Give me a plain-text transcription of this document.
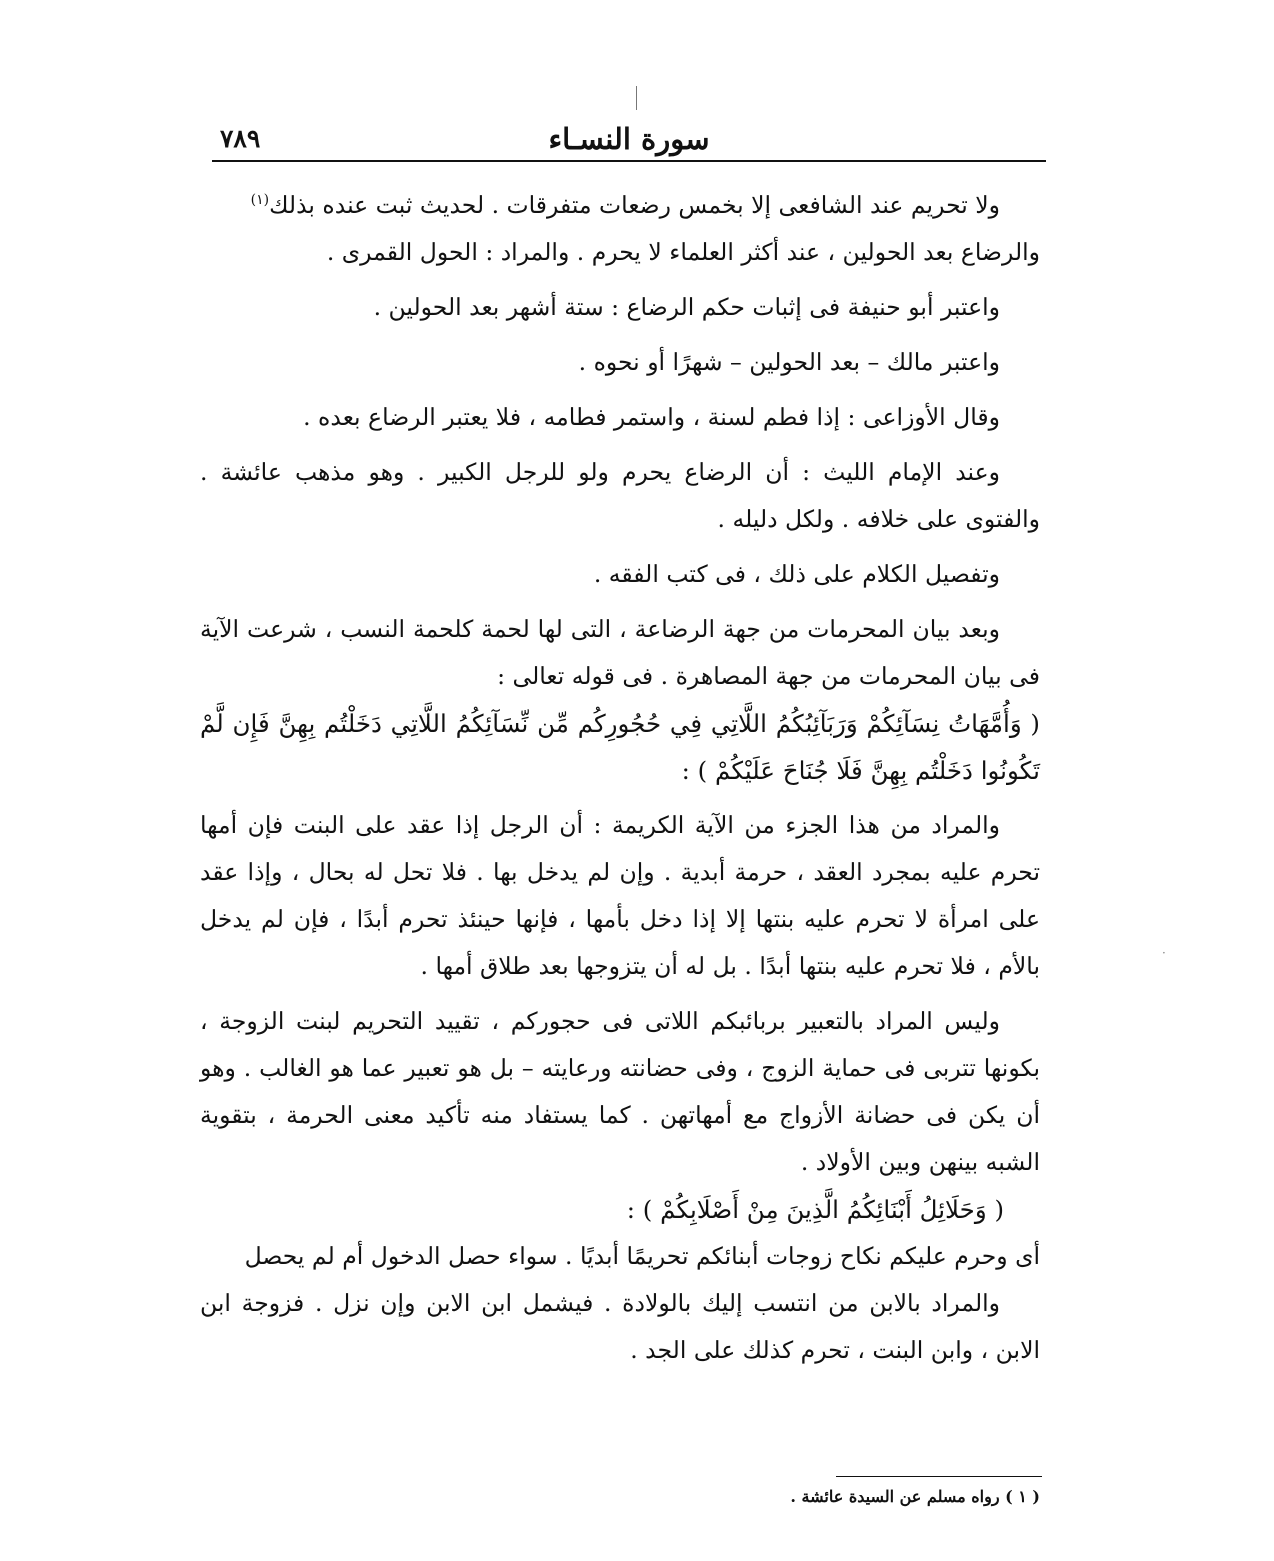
سورة النسـاء
٧٨٩

ولا تحريم عند الشافعى إلا بخمس رضعات متفرقات . لحديث ثبت عنده بذلك$^{(١)}$

والرضاع بعد الحولين ، عند أكثر العلماء لا يحرم . والمراد : الحول القمرى .

واعتبر أبو حنيفة فى إثبات حكم الرضاع : ستة أشهر بعد الحولين .

واعتبر مالك – بعد الحولين – شهرًا أو نحوه .

وقال الأوزاعى : إذا فطم لسنة ، واستمر فطامه ، فلا يعتبر الرضاع بعده .

وعند الإمام الليث : أن الرضاع يحرم ولو للرجل الكبير . وهو مذهب عائشة . والفتوى على خلافه . ولكل دليله .

وتفصيل الكلام على ذلك ، فى كتب الفقه .

وبعد بيان المحرمات من جهة الرضاعة ، التى لها لحمة كلحمة النسب ، شرعت الآية فى بيان المحرمات من جهة المصاهرة . فى قوله تعالى :

( وَأُمَّهَاتُ نِسَآئِكُمْ وَرَبَآئِبُكُمُ اللَّاتِي فِي حُجُورِكُم مِّن نِّسَآئِكُمُ اللَّاتِي دَخَلْتُم بِهِنَّ فَإِن لَّمْ تَكُونُوا دَخَلْتُم بِهِنَّ فَلَا جُنَاحَ عَلَيْكُمْ ) :

والمراد من هذا الجزء من الآية الكريمة : أن الرجل إذا عقد على البنت فإن أمها تحرم عليه بمجرد العقد ، حرمة أبدية . وإن لم يدخل بها . فلا تحل له بحال ، وإذا عقد على امرأة لا تحرم عليه بنتها إلا إذا دخل بأمها ، فإنها حينئذ تحرم أبدًا ، فإن لم يدخل بالأم ، فلا تحرم عليه بنتها أبدًا . بل له أن يتزوجها بعد طلاق أمها .

وليس المراد بالتعبير بربائبكم اللاتى فى حجوركم ، تقييد التحريم لبنت الزوجة ، بكونها تتربى فى حماية الزوج ، وفى حضانته ورعايته – بل هو تعبير عما هو الغالب . وهو أن يكن فى حضانة الأزواج مع أمهاتهن . كما يستفاد منه تأكيد معنى الحرمة ، بتقوية الشبه بينهن وبين الأولاد .

( وَحَلَائِلُ أَبْنَائِكُمُ الَّذِينَ مِنْ أَصْلَابِكُمْ ) :

أى وحرم عليكم نكاح زوجات أبنائكم تحريمًا أبديًا . سواء حصل الدخول أم لم يحصل

والمراد بالابن من انتسب إليك بالولادة . فيشمل ابن الابن وإن نزل . فزوجة ابن الابن ، وابن البنت ، تحرم كذلك على الجد .

( ١ ) رواه مسلم عن السيدة عائشة .
·
